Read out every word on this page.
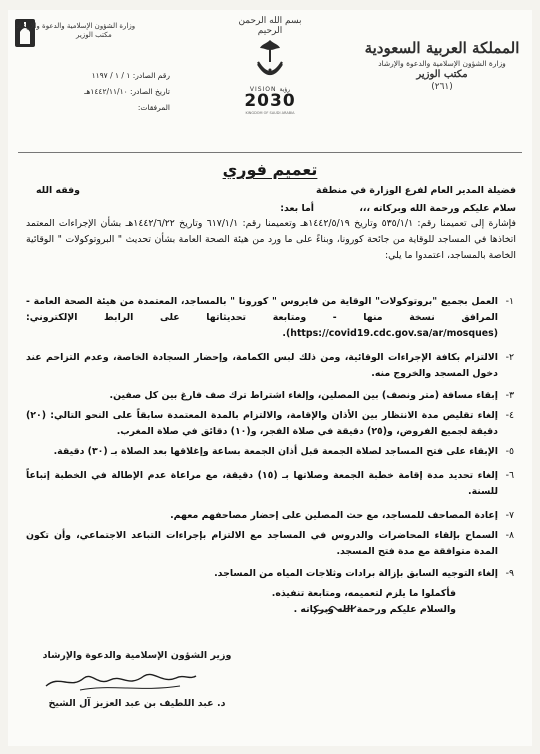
المملكة العربية السعودية
وزارة الشؤون الإسلامية والدعوة والإرشاد
مكتب الوزير
(٢٦١)
بسم الله الرحمن الرحيم
VISION رؤية
2030
KINGDOM OF SAUDI ARABIA
وزارة الشؤون الإسلامية والدعوة والإرشاد
مكتب الوزير
رقم الصادر: ١ / ١ / ١١٩٧
تاريخ الصادر: ١٤٤٢/١١/١٠هـ
المرفقات:
تعميم فوري
فضيلة المدير العام لفرع الوزارة في منطقة
وفقه الله
سلام عليكم ورحمة الله وبركاته ،،،
أما بعد:

فإشارة إلى تعميمنا رقم: ٥٣٥/١/١ وتاريخ ١٤٤٢/٥/١٩هـ وتعميمنا رقم: ٦١٧/١/١ وتاريخ ١٤٤٢/٦/٢٢هـ بشأن الإجراءات المعتمد اتخاذها في المساجد للوقاية من جائحة كورونا، وبناءً على ما ورد من هيئة الصحة العامة بشأن تحديث " البروتوكولات " الوقائية الخاصة بالمساجد، اعتمدوا ما يلي:

١-
العمل بجميع "بروتوكولات" الوقاية من فايروس " كورونا " بالمساجد، المعتمدة من هيئة الصحة العامة - المرافق نسخة منها - ومتابعة تحديثاتها على الرابط الإلكتروني: (https://covid19.cdc.gov.sa/ar/mosques).
٢-
الالتزام بكافة الإجراءات الوقائية، ومن ذلك لبس الكمامة، وإحضار السجادة الخاصة، وعدم التزاحم عند دخول المسجد والخروج منه.
٣-
إبقاء مسافة (متر ونصف) بين المصلين، وإلغاء اشتراط ترك صف فارغ بين كل صفين.
٤-
إلغاء تقليص مدة الانتظار بين الأذان والإقامة، والالتزام بالمدة المعتمدة سابقاً على النحو التالي: (٢٠) دقيقة لجميع الفروض، و(٢٥) دقيقة في صلاة الفجر، و(١٠) دقائق في صلاة المغرب.
٥-
الإبقاء على فتح المساجد لصلاة الجمعة قبل أذان الجمعة بساعة وإغلاقها بعد الصلاة بـ (٣٠) دقيقة.
٦-
إلغاء تحديد مدة إقامة خطبة الجمعة وصلاتها بـ (١٥) دقيقة، مع مراعاة عدم الإطالة في الخطبة إتباعاً للسنة.
٧-
إعادة المصاحف للمساجد، مع حث المصلين على إحضار مصاحفهم معهم.
٨-
السماح بإلقاء المحاضرات والدروس في المساجد مع الالتزام بإجراءات التباعد الاجتماعي، وأن تكون المدة متوافقة مع مدة فتح المسجد.
٩-
إلغاء التوجيه السابق بإزالة برادات وثلاجات المياه من المساجد.
فأكملوا ما يلزم لتعميمه، ومتابعة تنفيذه.
والسلام عليكم ورحمة الله وبركاته .
وزير الشؤون الإسلامية والدعوة والإرشاد
د. عبد اللطيف بن عبد العزيز آل الشيخ
